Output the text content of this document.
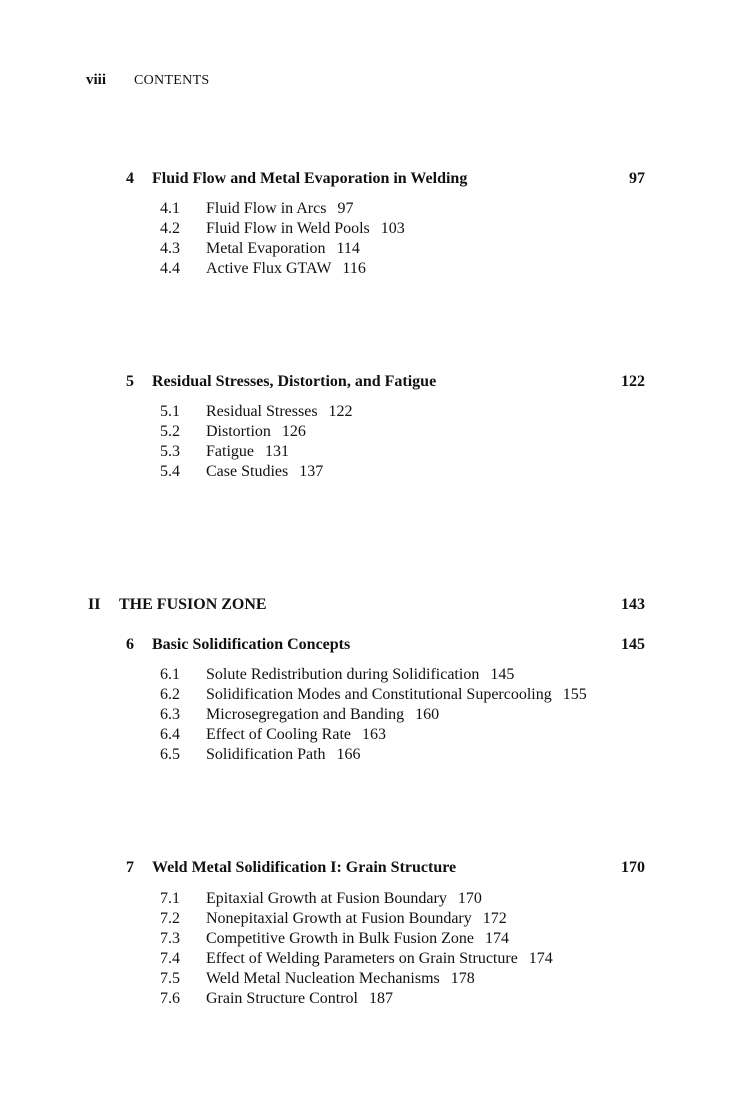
viii CONTENTS
4 Fluid Flow and Metal Evaporation in Welding	97
4.1 Fluid Flow in Arcs 97
4.2 Fluid Flow in Weld Pools 103
4.3 Metal Evaporation 114
4.4 Active Flux GTAW 116
5 Residual Stresses, Distortion, and Fatigue	122
5.1 Residual Stresses 122
5.2 Distortion 126
5.3 Fatigue 131
5.4 Case Studies 137
II THE FUSION ZONE	143
6 Basic Solidification Concepts	145
6.1 Solute Redistribution during Solidification 145
6.2 Solidification Modes and Constitutional Supercooling 155
6.3 Microsegregation and Banding 160
6.4 Effect of Cooling Rate 163
6.5 Solidification Path 166
7 Weld Metal Solidification I: Grain Structure	170
7.1 Epitaxial Growth at Fusion Boundary 170
7.2 Nonepitaxial Growth at Fusion Boundary 172
7.3 Competitive Growth in Bulk Fusion Zone 174
7.4 Effect of Welding Parameters on Grain Structure 174
7.5 Weld Metal Nucleation Mechanisms 178
7.6 Grain Structure Control 187
